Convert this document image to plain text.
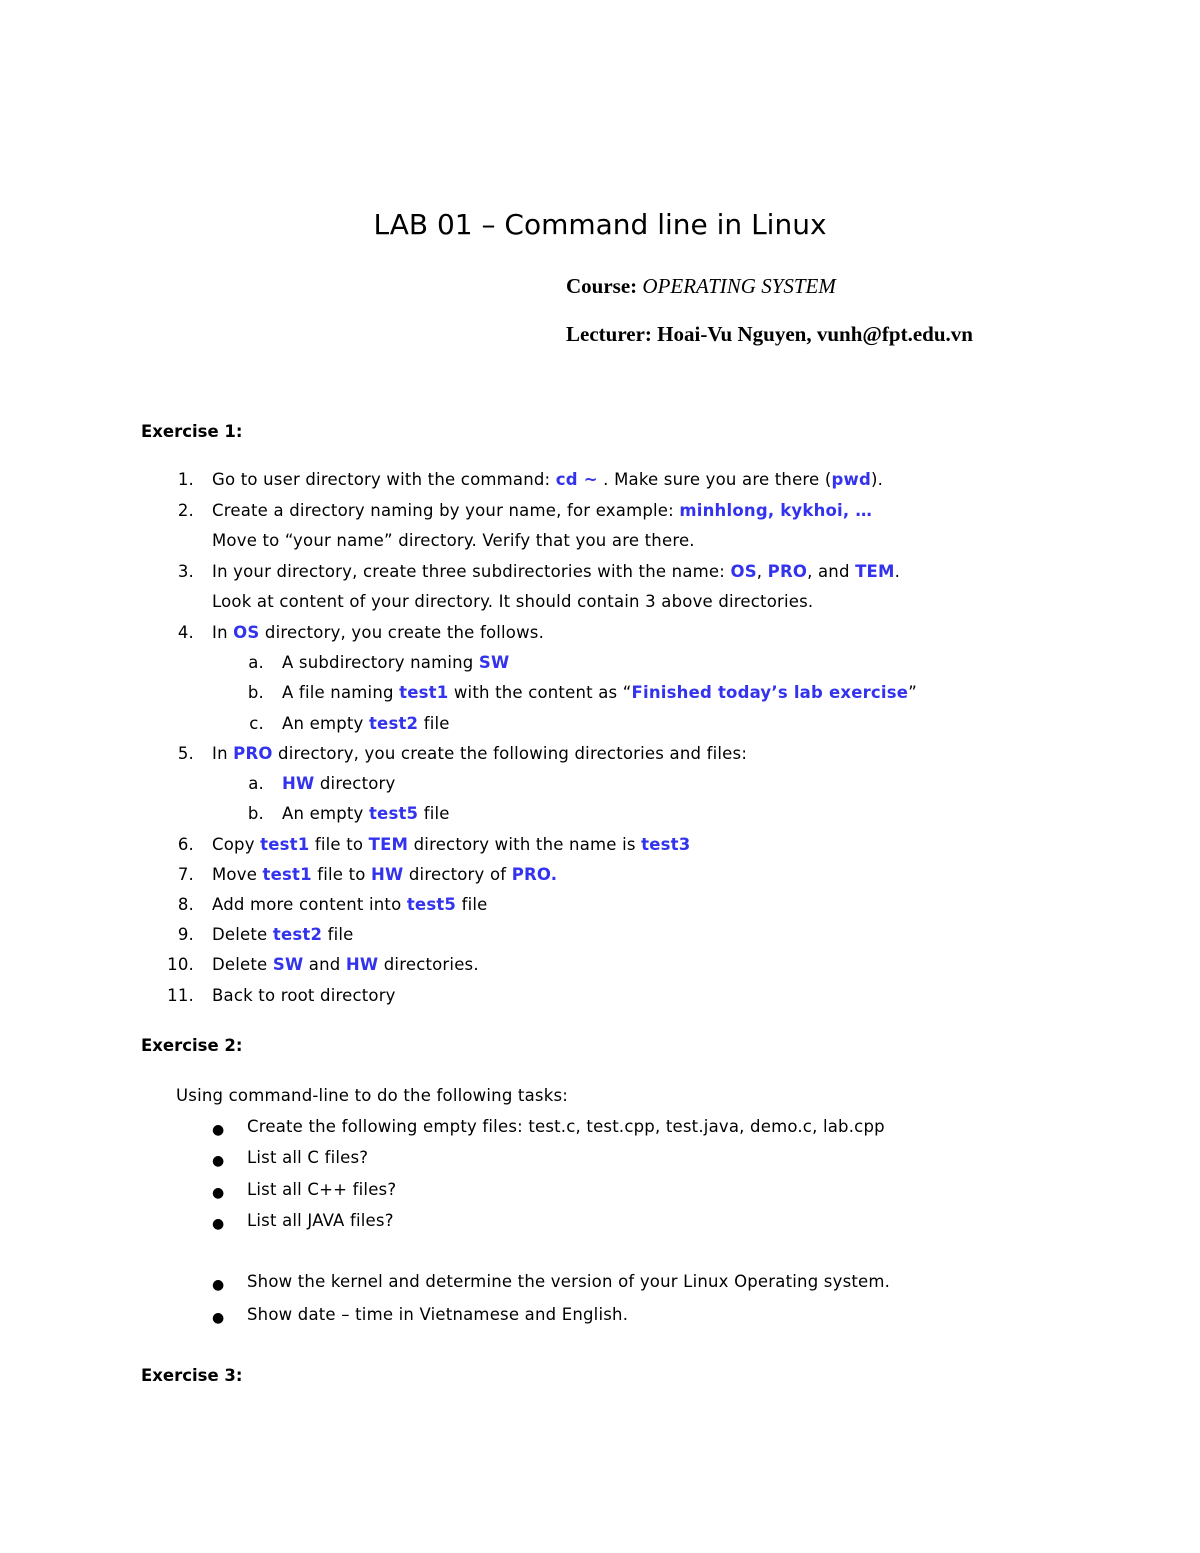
LAB 01 – Command line in Linux
Course: OPERATING SYSTEM
Lecturer: Hoai-Vu Nguyen, vunh@fpt.edu.vn
Exercise 1:
1. Go to user directory with the command: cd ~ . Make sure you are there (pwd).
2. Create a directory naming by your name, for example: minhlong, kykhoi, …
Move to “your name” directory. Verify that you are there.
3. In your directory, create three subdirectories with the name: OS, PRO, and TEM.
Look at content of your directory. It should contain 3 above directories.
4. In OS directory, you create the follows.
a. A subdirectory naming SW
b. A file naming test1 with the content as “Finished today’s lab exercise”
c. An empty test2 file
5. In PRO directory, you create the following directories and files:
a. HW directory
b. An empty test5 file
6. Copy test1 file to TEM directory with the name is test3
7. Move test1 file to HW directory of PRO.
8. Add more content into test5 file
9. Delete test2 file
10. Delete SW and HW directories.
11. Back to root directory
Exercise 2:
Using command-line to do the following tasks:
● Create the following empty files: test.c, test.cpp, test.java, demo.c, lab.cpp
● List all C files?
● List all C++ files?
● List all JAVA files?
● Show the kernel and determine the version of your Linux Operating system.
● Show date – time in Vietnamese and English.
Exercise 3:
